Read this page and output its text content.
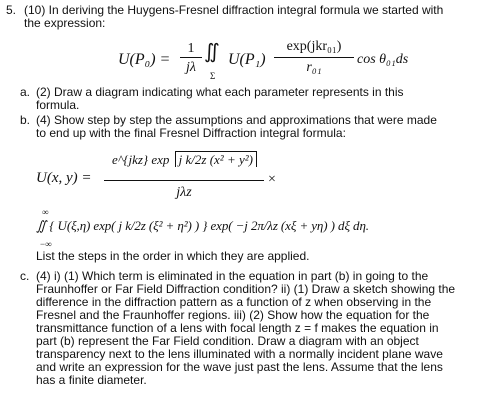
5. (10) In deriving the Huygens-Fresnel diffraction integral formula we started with
the expression:
U(P₀) =
1
jλ
∬
Σ
U(P₁)
exp(jkr₀₁)
r₀₁
cos θ₀₁ds
a. (2) Draw a diagram indicating what each parameter represents in this
formula.
b. (4) Show step by step the assumptions and approximations that were made
to end up with the final Fresnel Diffraction integral formula:
U(x, y) =
e^{jkz} exp j k/2z (x² + y²)
jλz
×
∞
−∞
∬ { U(ξ,η) exp( j k/2z (ξ² + η²) ) } exp( −j 2π/λz (xξ + yη) ) dξ dη.
List the steps in the order in which they are applied.
c. (4) i) (1) Which term is eliminated in the equation in part (b) in going to the
Fraunhoffer or Far Field Diffraction condition? ii) (1) Draw a sketch showing the
difference in the diffraction pattern as a function of z when observing in the
Fresnel and the Fraunhoffer regions. iii) (2) Show how the equation for the
transmittance function of a lens with focal length z = f makes the equation in
part (b) represent the Far Field condition. Draw a diagram with an object
transparency next to the lens illuminated with a normally incident plane wave
and write an expression for the wave just past the lens. Assume that the lens
has a finite diameter.
